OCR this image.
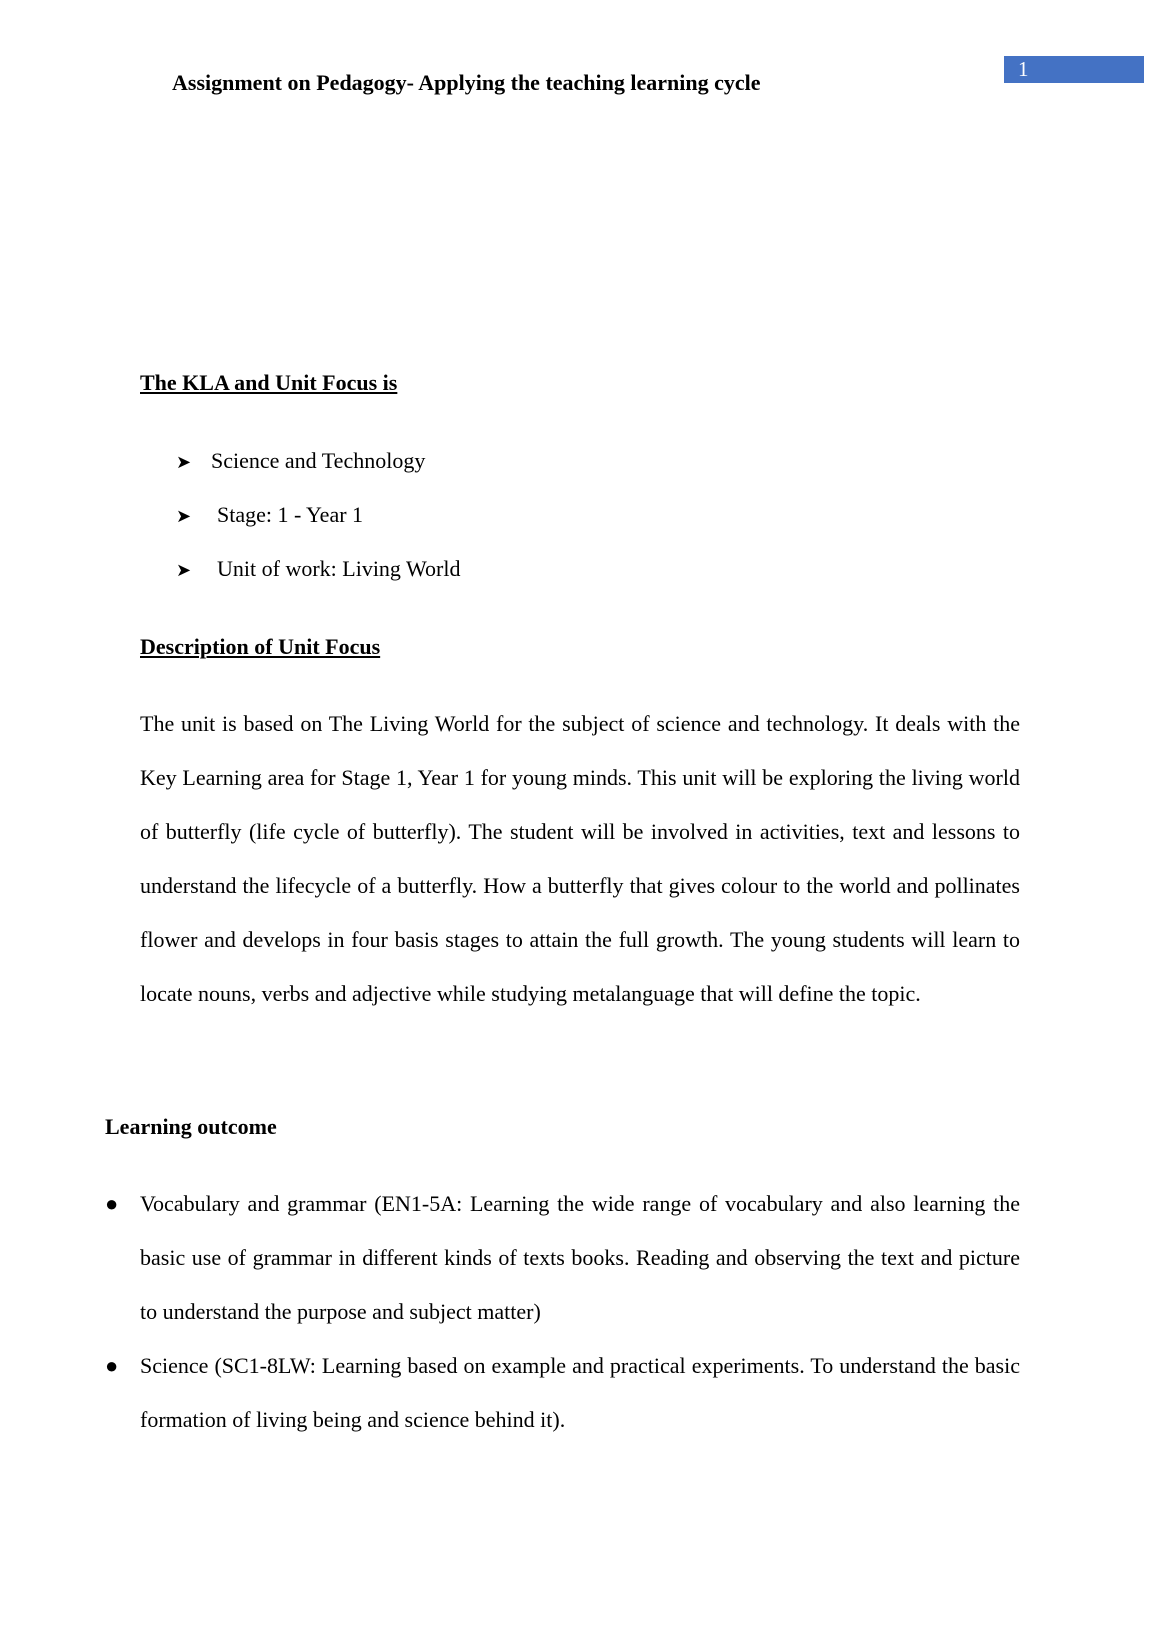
Assignment on Pedagogy- Applying the teaching learning cycle
1
The KLA and Unit Focus is
➤ Science and Technology
➤ Stage: 1 - Year 1
➤ Unit of work: Living World
Description of Unit Focus
The unit is based on The Living World for the subject of science and technology. It deals with the Key Learning area for Stage 1, Year 1 for young minds. This unit will be exploring the living world of butterfly (life cycle of butterfly). The student will be involved in activities, text and lessons to understand the lifecycle of a butterfly. How a butterfly that gives colour to the world and pollinates flower and develops in four basis stages to attain the full growth. The young students will learn to locate nouns, verbs and adjective while studying metalanguage that will define the topic.
Learning outcome
● Vocabulary and grammar (EN1-5A: Learning the wide range of vocabulary and also learning the basic use of grammar in different kinds of texts books. Reading and observing the text and picture to understand the purpose and subject matter)
● Science (SC1-8LW: Learning based on example and practical experiments. To understand the basic formation of living being and science behind it).
